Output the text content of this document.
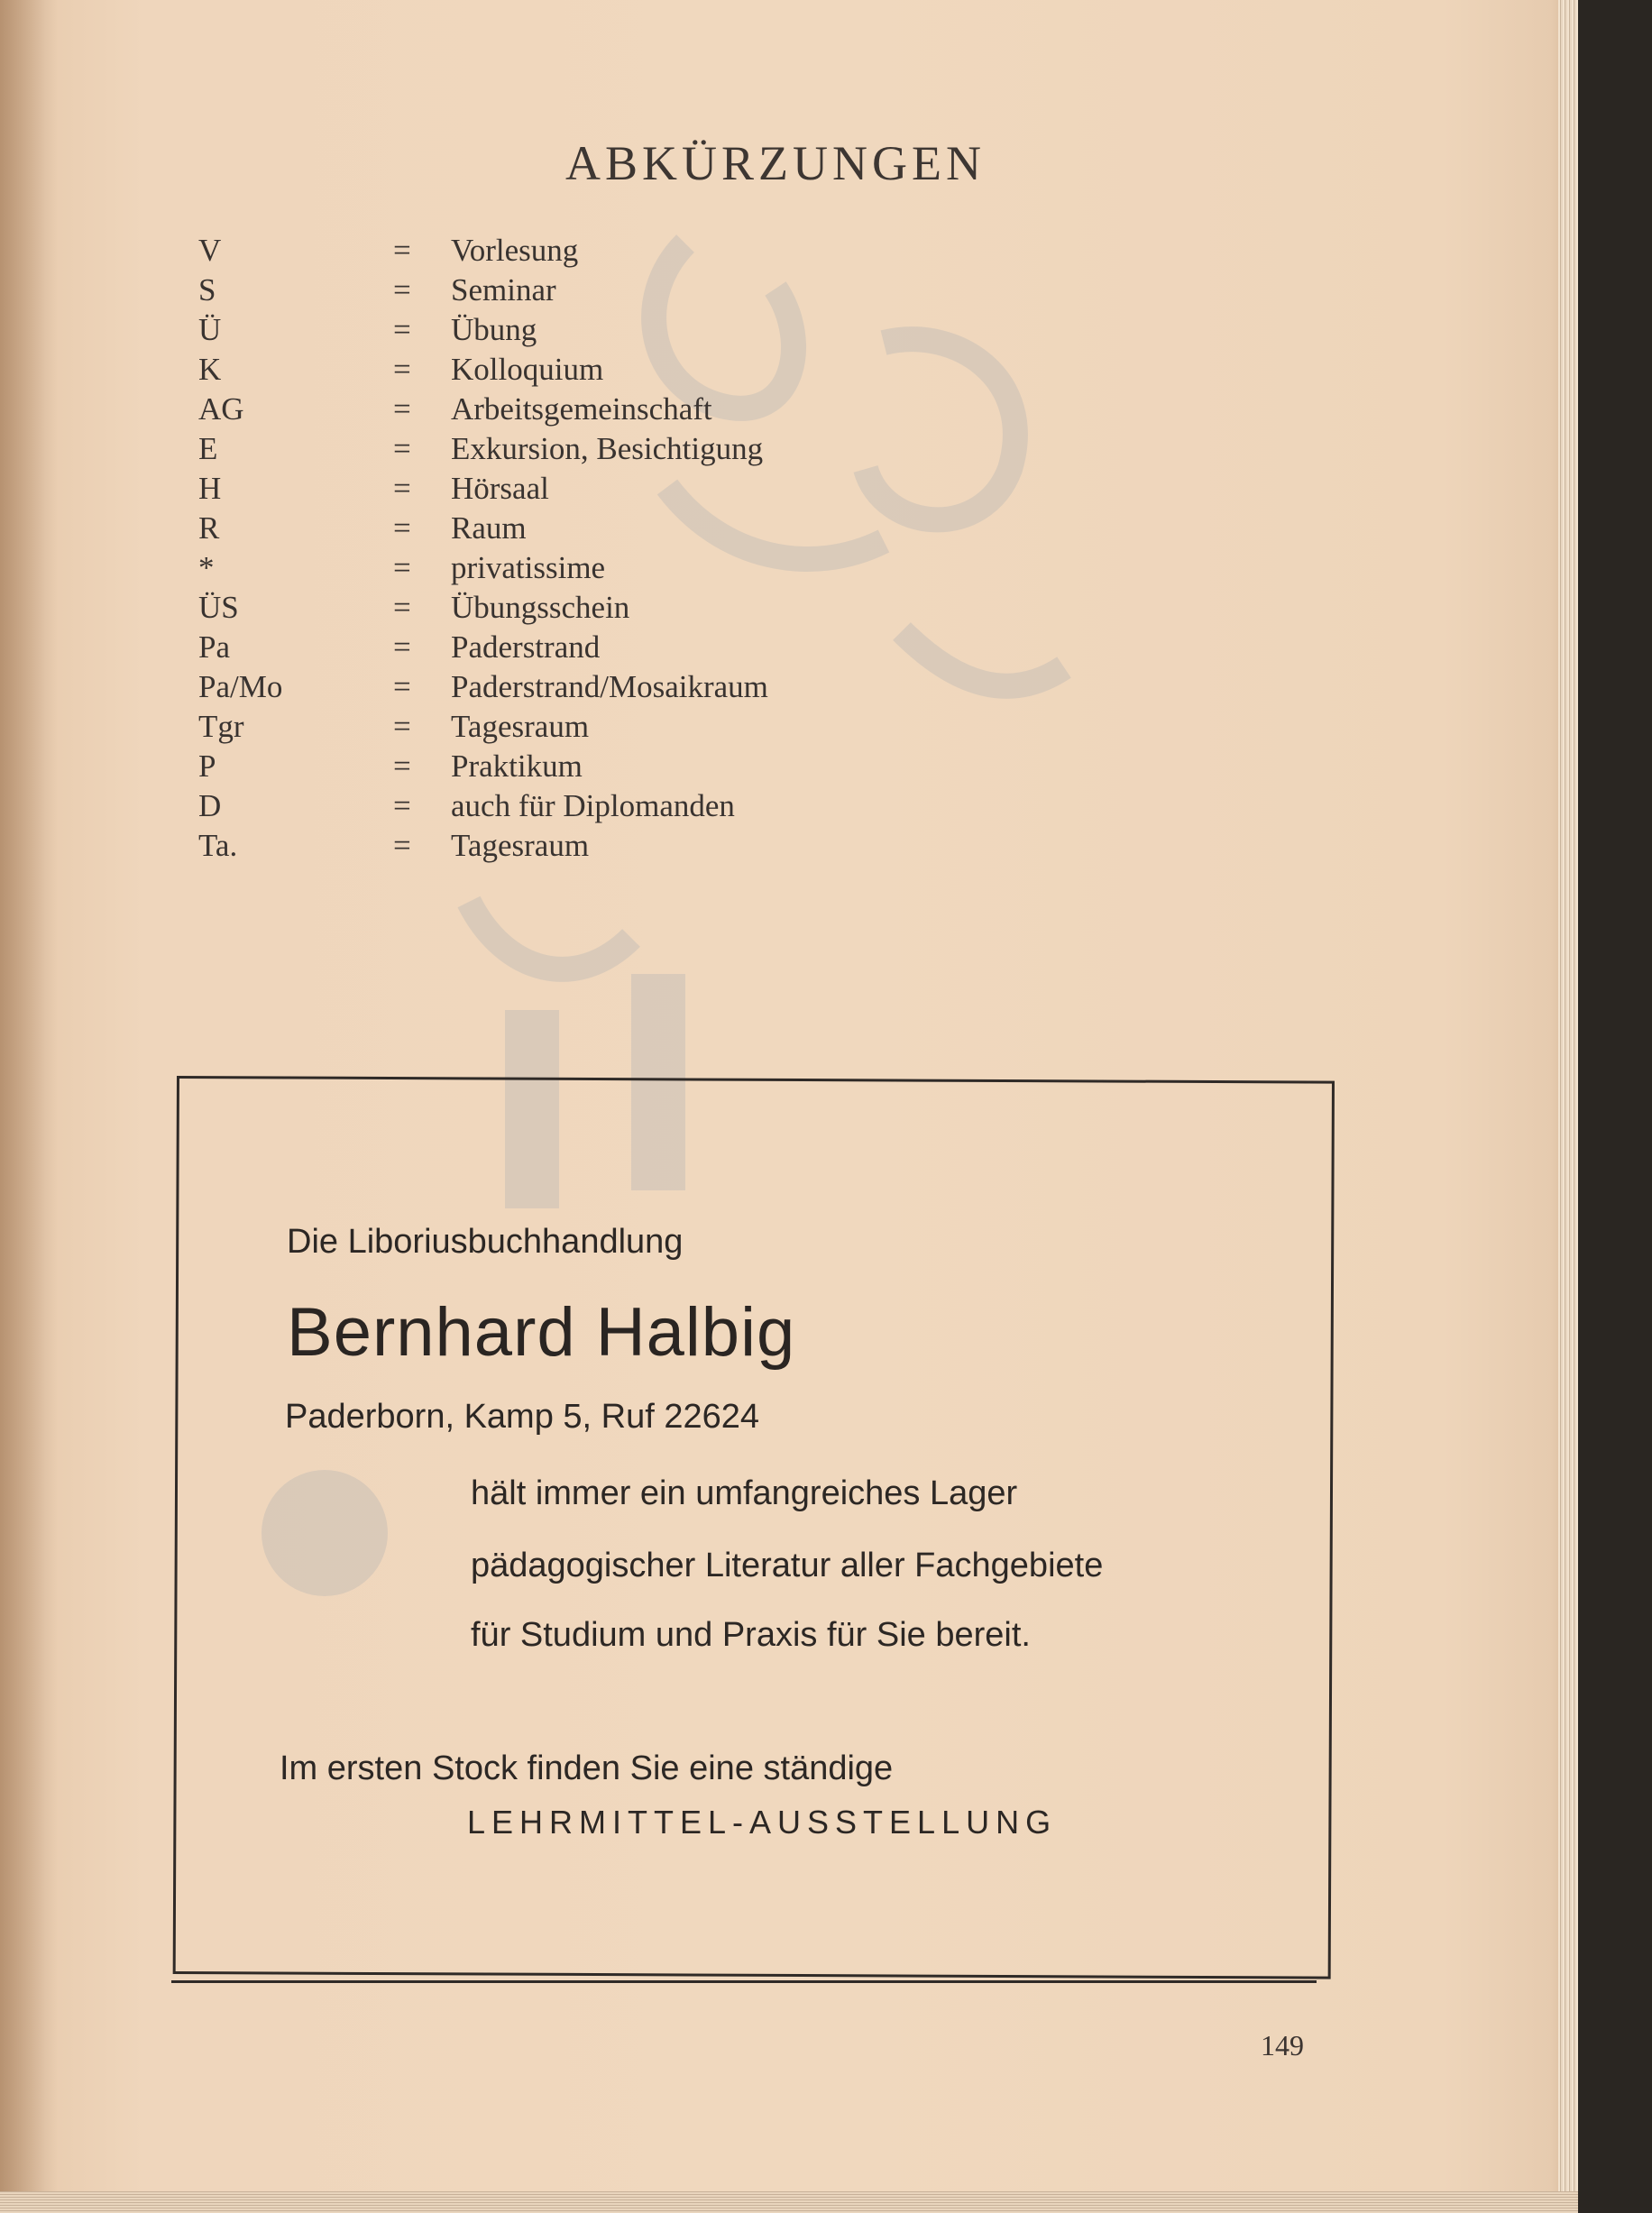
ABKÜRZUNGEN
V	= Vorlesung
S	= Seminar
Ü	= Übung
K	= Kolloquium
AG	= Arbeitsgemeinschaft
E	= Exkursion, Besichtigung
H	= Hörsaal
R	= Raum
*	= privatissime
ÜS	= Übungsschein
Pa	= Paderstrand
Pa/Mo	= Paderstrand/Mosaikraum
Tgr	= Tagesraum
P	= Praktikum
D	= auch für Diplomanden
Ta.	= Tagesraum
Die Liboriusbuchhandlung
Bernhard Halbig
Paderborn, Kamp 5, Ruf 22624
hält immer ein umfangreiches Lager
pädagogischer Literatur aller Fachgebiete
für Studium und Praxis für Sie bereit.
Im ersten Stock finden Sie eine ständige
LEHRMITTEL-AUSSTELLUNG
149
